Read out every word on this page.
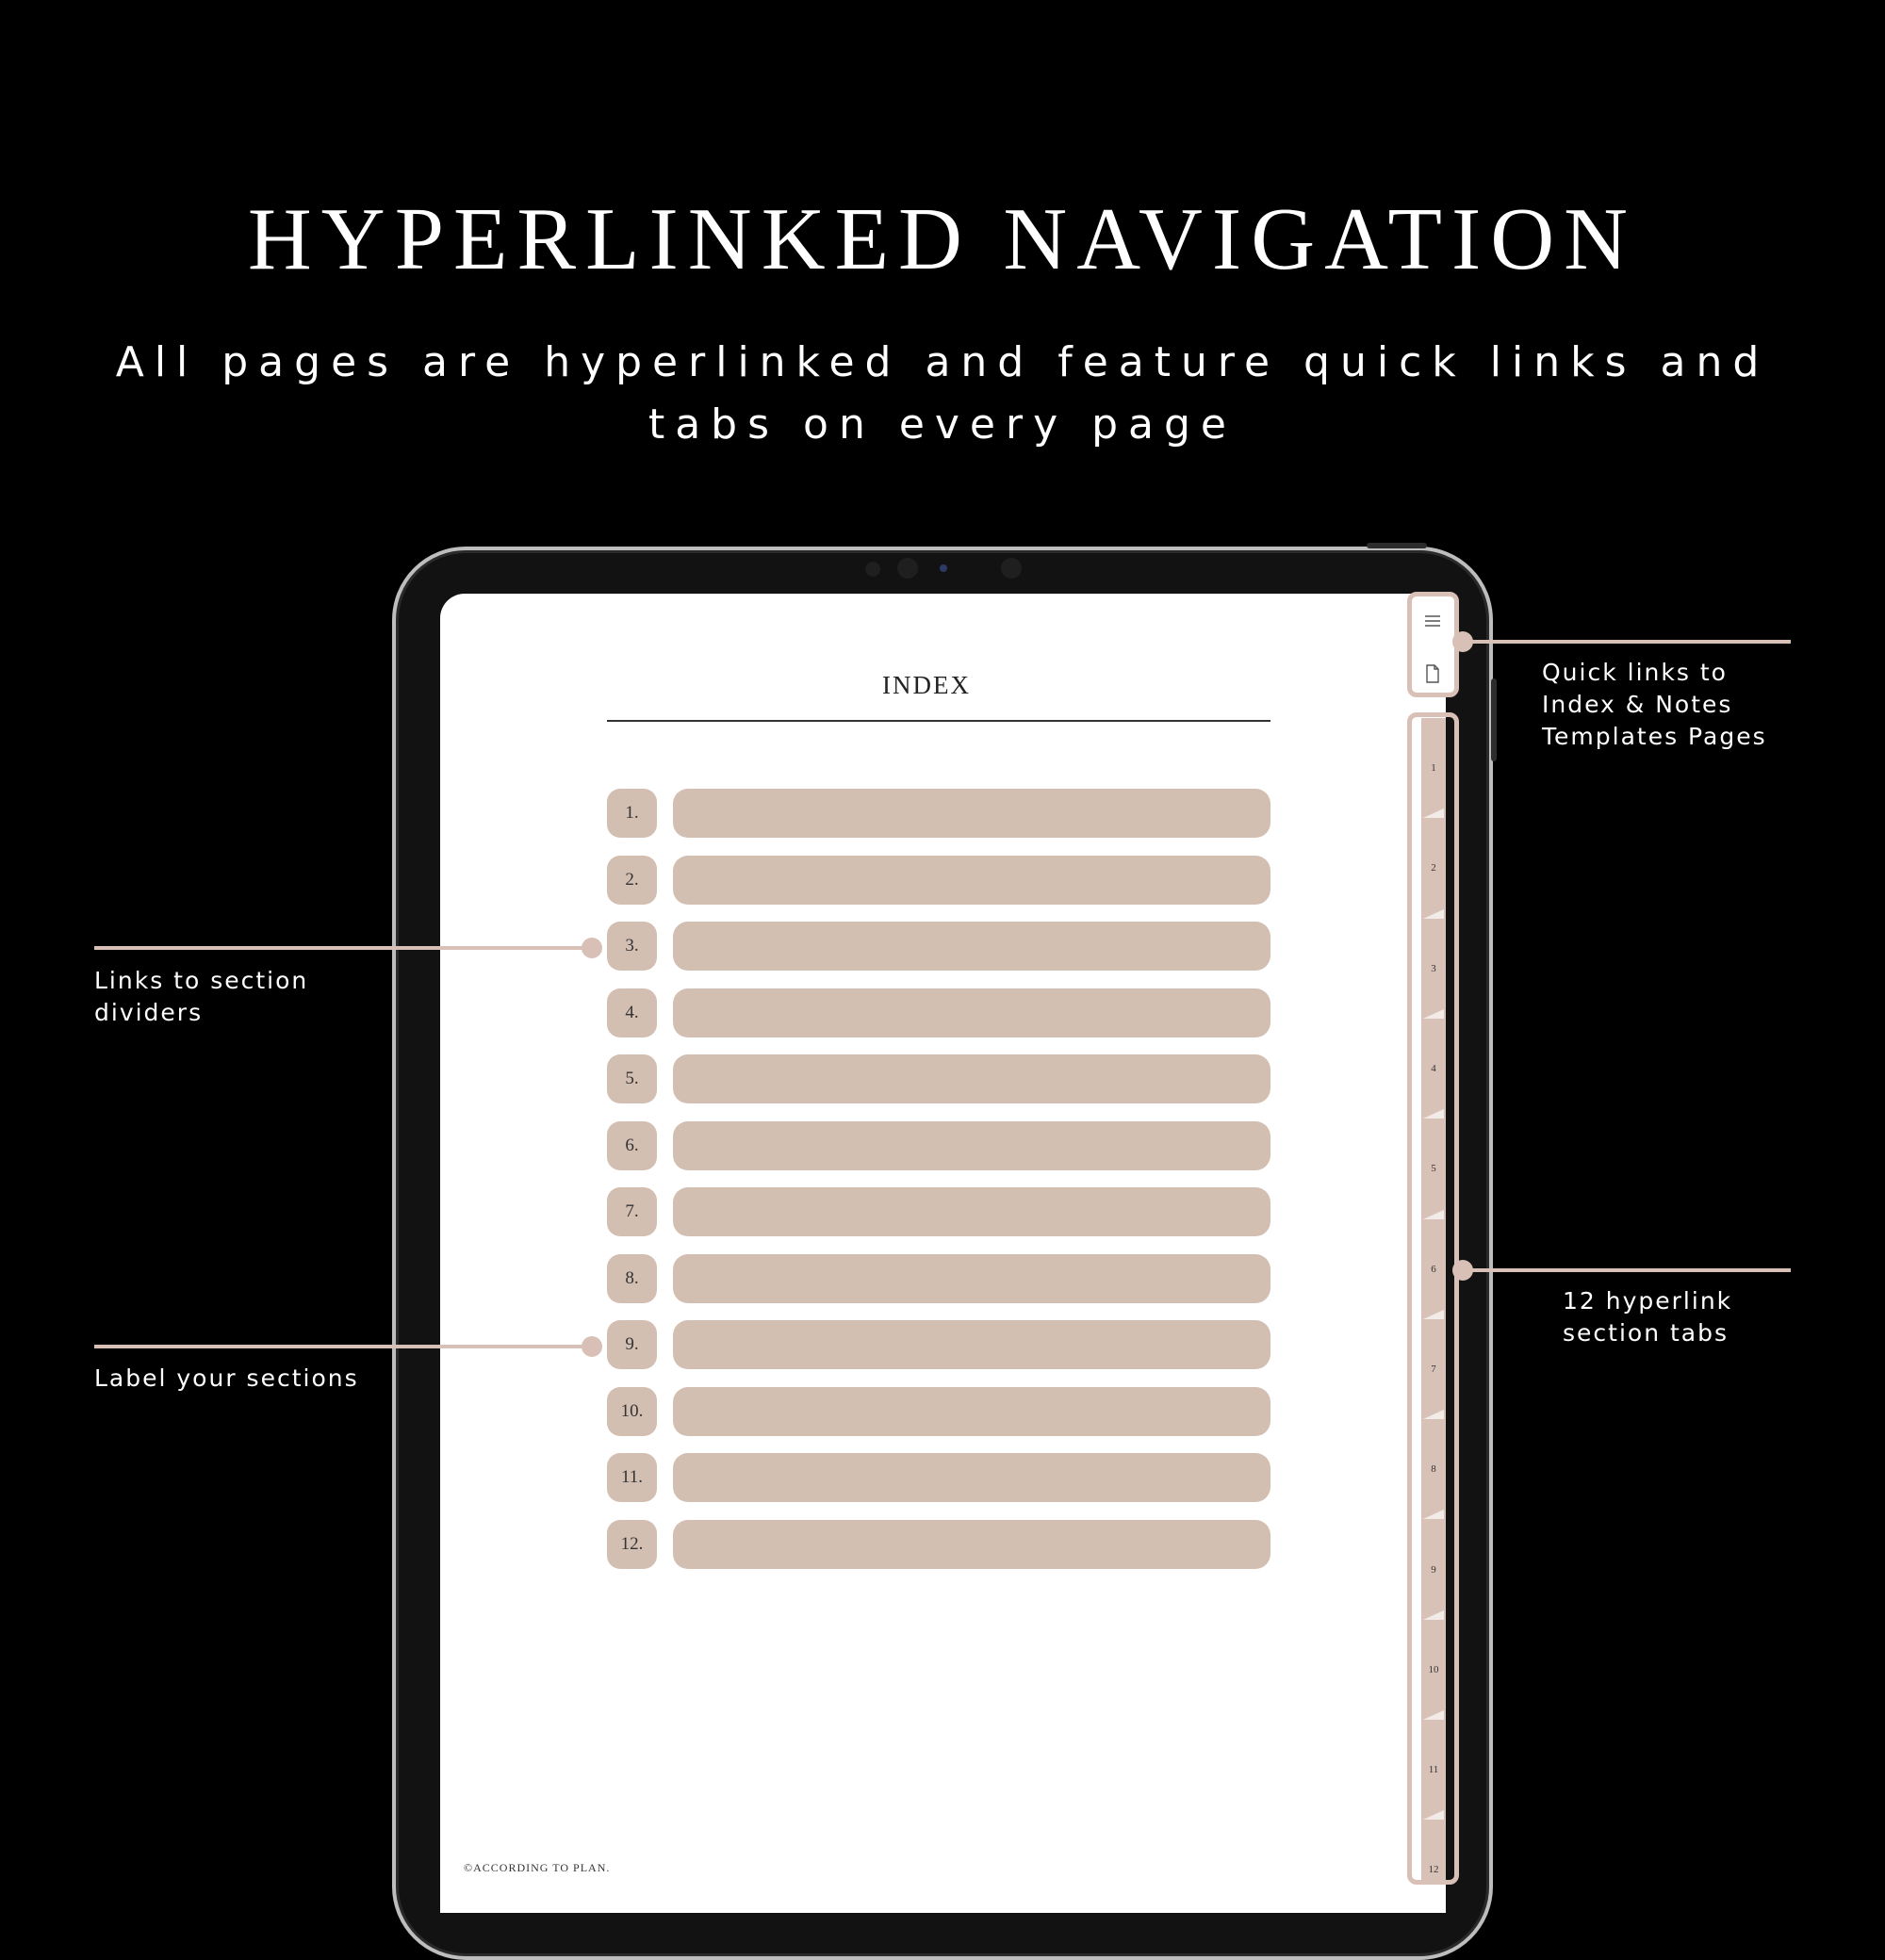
HYPERLINKED NAVIGATION

All pages are hyperlinked and feature quick links and tabs on every page

INDEX
1.
2.
3.
4.
5.
6.
7.
8.
9.
10.
11.
12.
©ACCORDING TO PLAN.
1
2
3
4
5
6
7
8
9
10
11
12
Quick links to
Index & Notes
Templates Pages
12 hyperlink
section tabs
Links to section
dividers
Label your sections
